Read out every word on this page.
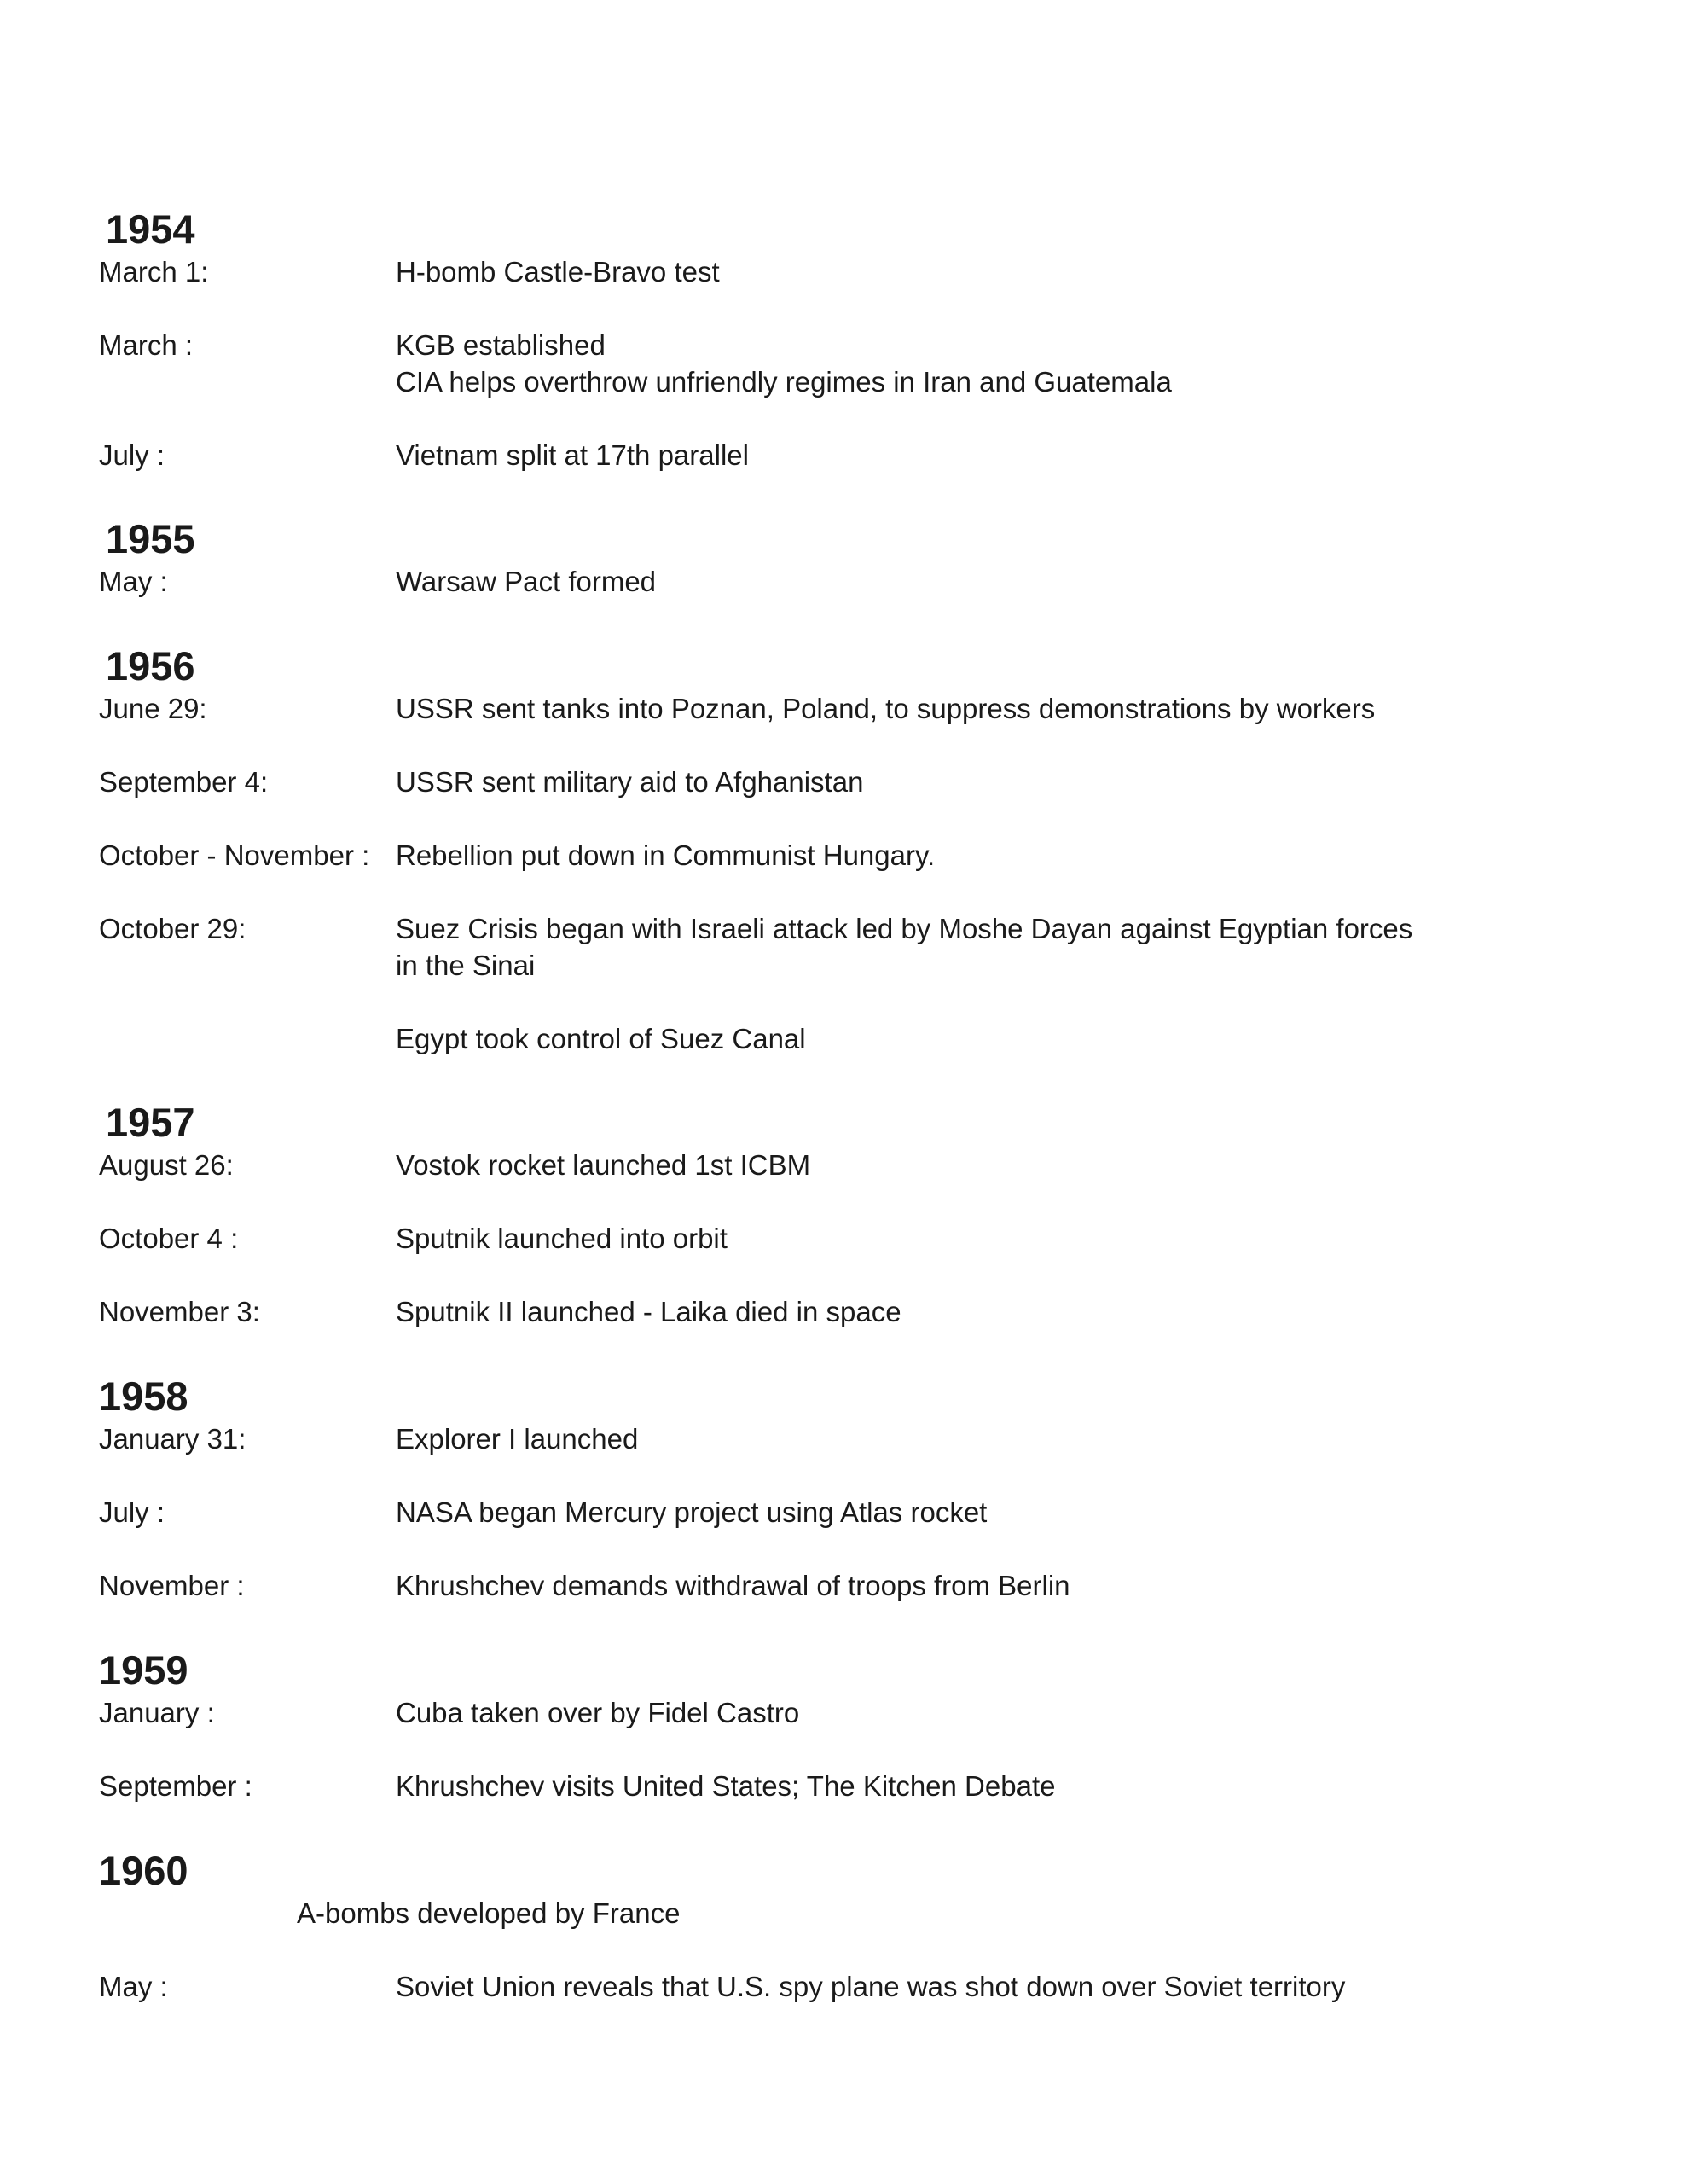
1954
March 1:	H-bomb Castle-Bravo test
March :	KGB established
CIA helps overthrow unfriendly regimes in Iran and Guatemala
July :	Vietnam split at 17th parallel
1955
May :	Warsaw Pact formed
1956
June 29:	USSR sent tanks into Poznan, Poland, to suppress demonstrations by workers
September 4:	USSR sent military aid to Afghanistan
October - November : Rebellion put down in Communist Hungary.
October 29:	Suez Crisis began with Israeli attack led by Moshe Dayan against Egyptian forces
in the Sinai
Egypt took control of Suez Canal
1957
August 26:	Vostok rocket launched 1st ICBM
October 4 :	Sputnik launched into orbit
November 3:	Sputnik II launched - Laika died in space
1958
January 31:	Explorer I launched
July :	NASA began Mercury project using Atlas rocket
November :	Khrushchev demands withdrawal of troops from Berlin
1959
January :	Cuba taken over by Fidel Castro
September :	Khrushchev visits United States; The Kitchen Debate
1960
A-bombs developed by France
May :	Soviet Union reveals that U.S. spy plane was shot down over Soviet territory
